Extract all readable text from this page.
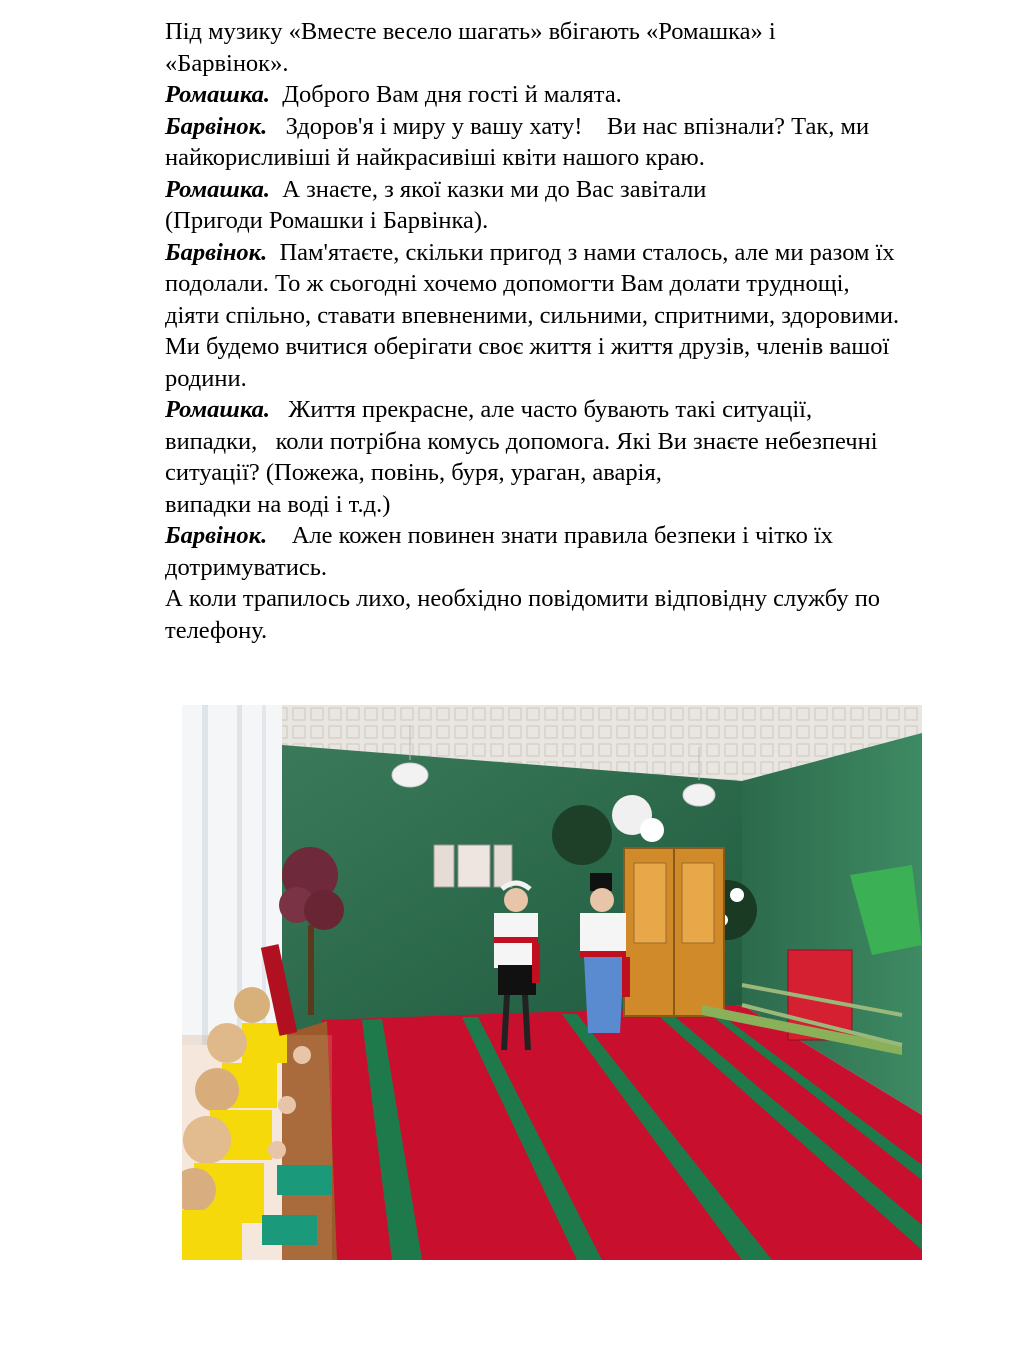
Під музику «Вместе весело шагать» вбігають «Ромашка» і
«Барвінок».
Ромашка.  Доброго Вам дня гості й малята.
Барвінок.   Здоров'я і миру у вашу хату!    Ви нас впізнали? Так, ми
найкорисливіші й найкрасивіші квіти нашого краю.
Ромашка.  А знаєте, з якої казки ми до Вас завітали
(Пригоди Ромашки і Барвінка).
Барвінок.  Пам'ятаєте, скільки пригод з нами сталось, але ми разом їх
подолали. То ж сьогодні хочемо допомогти Вам долати труднощі,
діяти спільно, ставати впевненими, сильними, спритними, здоровими.
Ми будемо вчитися оберігати своє життя і життя друзів, членів вашої
родини.
Ромашка.   Життя прекрасне, але часто бувають такі ситуації,
випадки,   коли потрібна комусь допомога. Які Ви знаєте небезпечні
ситуації? (Пожежа, повінь, буря, ураган, аварія,
випадки на воді і т.д.)
Барвінок.    Але кожен повинен знати правила безпеки і чітко їх
дотримуватись.
А коли трапилось лихо, необхідно повідомити відповідну службу по
телефону.
